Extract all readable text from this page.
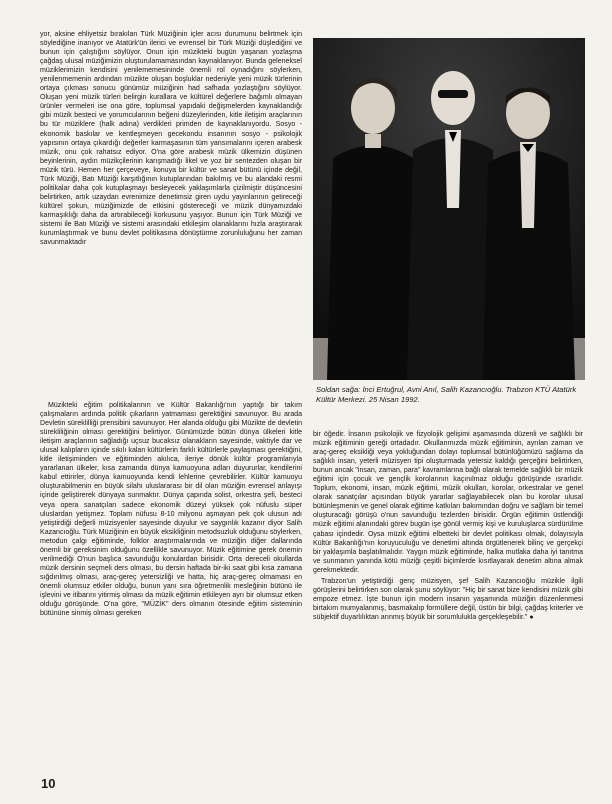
yor, aksine ehliyetsiz bırakılan Türk Müziğinin içler acısı durumunu belirtmek için söylediğine inanıyor ve Atatürk'ün ilerici ve evrensel bir Türk Müziği düşlediğini ve bunun için çalıştığını söylüyor. Onun için müzikteki bugün yaşanan yozlaşma çağdaş ulusal müziğimizin oluşturulamamasından kaynaklanıyor. Bunda geleneksel müziklerimizin kendisini yenilememesininde önemli rol oynadığını söylerken, yenilenmemenin ardından müzikte oluşan boşluklar nedeniyle yeni müzik türlerinin ortaya çıkması sonucu günümüz müziğinin had safhada yozlaştığını söylüyor. Oluşan yeni müzik türleri belirgin kurallara ve kültürel değerlere bağımlı olmayan ürünler vermeleri ise ona göre, toplumsal yapıdaki değişmelerden kaynaklandığı gibi müzik besteci ve yorumcularının beğeni düzeylerinden, kitle iletişim araçlarının bu tür müziklere (halk adına) verdikleri primden de kaynaklanıyordu. Sosyo - ekonomik baskılar ve kentleşmeyen gecekondu insanının sosyo - psikolojik yapısının ortaya çıkardığı değerler karmaşasının tüm yansımalarını içeren arabesk müzik, onu çok rahatsız ediyor. O'na göre arabesk müzik ülkemizin düşünen beyinlerinin, aydın müzikçilerinin karışmadığı likel ve yoz bir sentezden oluşan bir müzik türü. Hemen her çerçeveye, konuya bir kültür ve sanat bütünü içinde değil, Türk Müziği, Batı Müziği karşıtlığının kutuplarından bakılmış ve bu alandaki resmi politikalar daha çok kutuplaşmayı besleyecek yaklaşımlarla çizilmiştir düşüncesini belirtirken, artık uzaydan evrenimize denetimsiz giren uydu yayınlarının getireceği kültürel şokun, müziğimizde de etkisini göstereceği ve müzik dünyamızdaki karmaşıklığı daha da artırabileceği korkusunu yaşıyor. Bunun için Türk Müziği ve sistemi ile Batı Müziği ve sistemi arasındaki etkileşim olanaklarını hızla araştırarak kurumlaştırmak ve bunu devlet politikasına dönüştürme zorunluluğunu her zaman savunmaktadır

Soldan sağa: İnci Ertuğrul, Avni Anıl, Salih Kazancıoğlu. Trabzon KTÜ Atatürk Kültür Merkezi. 25 Nisan 1992.

Müzikteki eğitim politikalarının ve Kültür Bakanlığı'nın yaptığı bir takım çalışmaların ardında politik çıkarların yatmaması gerektiğini savunuyor. Bu arada Devletin süreklilliği prensibini savunuyor. Her alanda olduğu gibi Müzikte de devletin sürekliliğinin olması gerektiğini belirtiyor. Günümüzde bütün dünya ülkeleri kitle iletişim araçlarının sağladığı uçsuz bucaksız olanakların sayesinde, vaktiyle dar ve ulusal kalıpların içinde sıkılı kalan kültürlerin farklı kültürlerle paylaşması gerektiğini, kitle iletişiminden ve eğitiminden akılıca, ileriye dönük kültür programlarıyla yararlanan ülkeler, kısa zamanda dünya kamuoyuna adları duyururlar, kendilerini kabul ettirirler, dünya kamuoyunda kendi lehlerine çevrebilirler. Kültür kamuoyu oluşturabilmenin en büyük silahı uluslararası bir dil olan müziğin evrensel anlayışı içinde geliştirerek dünyaya sunmaktır. Dünya çapında solist, orkestra şefi, besteci veya opera sanatçıları sadece ekonomik düzeyi yüksek çok nüfuslu süper uluslardan yetişmez. Toplam nüfusu 8-10 milyonu aşmayan pek çok ulusun adı yetiştirdiği değerli müzisyenler sayesinde duyulur ve saygınlık kazanır diyor Salih Kazancıoğlu. Türk Müziğinin en büyük eksikliğinin metodsuzluk olduğunu söylerken, metodun çalgı eğitiminde, folklor araştırmalarında ve müziğin diğer dallarında önemli bir gereksinim olduğunu özellikle savunuyor. Müzik eğitimine gerek önemin verilmediği O'nun başlıca savunduğu konulardan birisidir. Orta dereceli okullarda müzik dersinin seçmeli ders olması, bu dersin haftada bir-iki saat gibi kısa zamana sığdırılmış olması, araç-gereç yetersizliği ve hatta, hiç araç-gereç olmaması en önemli olumsuz etkiler olduğu, bunun yanı sıra öğretmenlik mesleğinin bütünü ile işlevini ve itibarını yitirmiş olması da müzik eğitimin etkileyen ayrı bir olumsuz etken olduğu görüşünde. O'na göre, "MÜZİK" ders olmanın ötesinde eğitim sisteminin bütününe sinmiş olması gereken

bir öğedir. İnsanın psikolojik ve fizyolojik gelişimi aşamasında düzenli ve sağlıklı bir müzik eğitiminin gereği ortadadır. Okullarımızda müzik eğitiminin, ayrılan zaman ve araç-gereç eksikliği veya yokluğundan dolayı toplumsal bütünlüğümüzü sağlama da sağlıklı insan, yeterli müzisyen tipi oluşturmada yetersiz kaldığı gerçeğini belirtirken, bunun ancak "insan, zaman, para" kavramlarına bağlı olarak temelde sağlıklı bir müzik eğitimi için çocuk ve gençlik korolarının kaçınılmaz olduğu görüşünde ısrarlıdır. Toplum, ekonomi, insan, müzik eğitimi, müzik okulları, korolar, orkestralar ve genel olarak sanatçılar açısından büyük yararlar sağlayabilecek olan bu korolar ulusal bütünleşmenin ve genel olarak eğitime katkıları bakımından doğru ve sağlam bir temel oluşturacağı görüşü o'nun savunduğu tezlerden birisidir. Örgün eğitimin üstlendiği müzik eğitimi alanındaki görev bugün işe gönül vermiş kişi ve kuruluşlarca sürdürülme çabası içindedir. Oysa müzik eğitimi elbetteki bir devlet politikası olmak, dolayısıyla Kültür Bakanlığı'nın koruyuculuğu ve denetimi altında örgütlenerek bilinç ve gerçekçi bir yaklaşımla başlatılmalıdır. Yaygın müzik eğitiminde, halka mutlaka daha iyi tanıtma ve sunmanın yanında kötü müziği çeşitli biçimlerde kısıtlayarak denetim altına almak gerekmektedir.

Trabzon'un yetiştirdiği genç müzisyen, şef Salih Kazancıoğlu müzikle ilgili görüşlerini belirtirken son olarak şunu söylüyor: "Hiç bir sanat bize kendisini müzik gibi empoze etmez. İşte bunun için modern insanın yaşamında müziğin düzenlenmesi birtakım mumyalanmış, basmakalıp formüllere değil, üstün bir bilgi, çağdaş kriterler ve sübjektif duyarlılıktan arınmış büyük bir sorumlulukla gerçekleşebilir." ●

10
